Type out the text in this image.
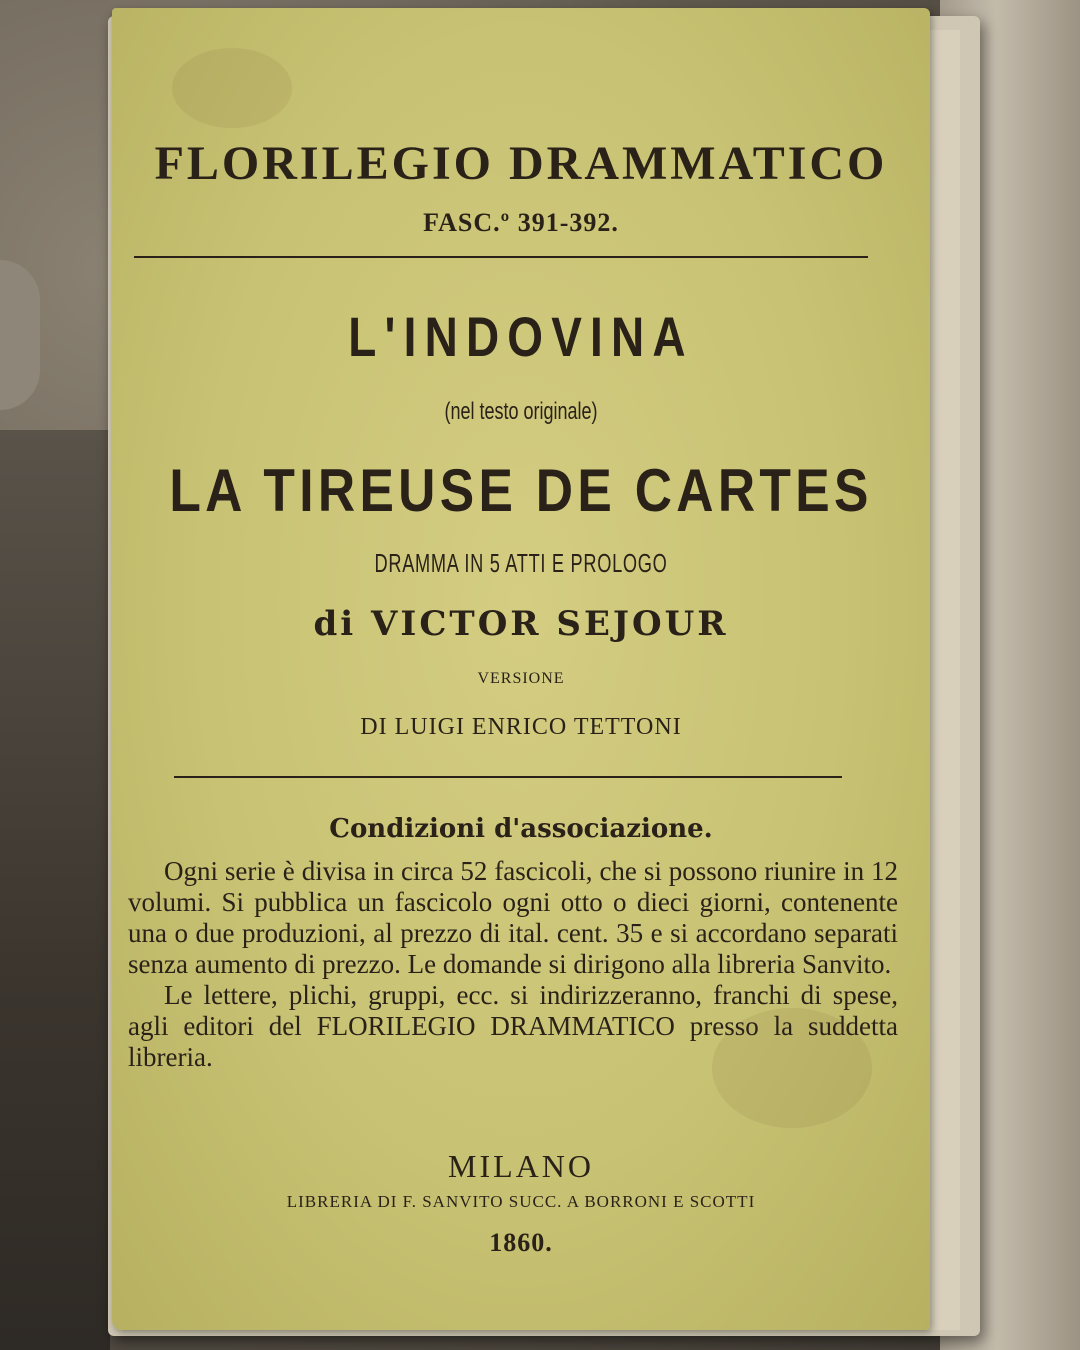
FLORILEGIO DRAMMATICO
FASC.º 391-392.
L'INDOVINA
(nel testo originale)
LA TIREUSE DE CARTES
DRAMMA IN 5 ATTI E PROLOGO
di VICTOR SEJOUR
VERSIONE
DI LUIGI ENRICO TETTONI
Condizioni d'associazione.

Ogni serie è divisa in circa 52 fascicoli, che si possono riunire in 12 volumi. Si pubblica un fascicolo ogni otto o dieci giorni, contenente una o due produzioni, al prezzo di ital. cent. 35 e si accordano separati senza aumento di prezzo. Le domande si dirigono alla libreria Sanvito.

Le lettere, plichi, gruppi, ecc. si indirizzeranno, franchi di spese, agli editori del FLORILEGIO DRAMMATICO presso la suddetta libreria.

MILANO
LIBRERIA DI F. SANVITO SUCC. A BORRONI E SCOTTI
1860.
